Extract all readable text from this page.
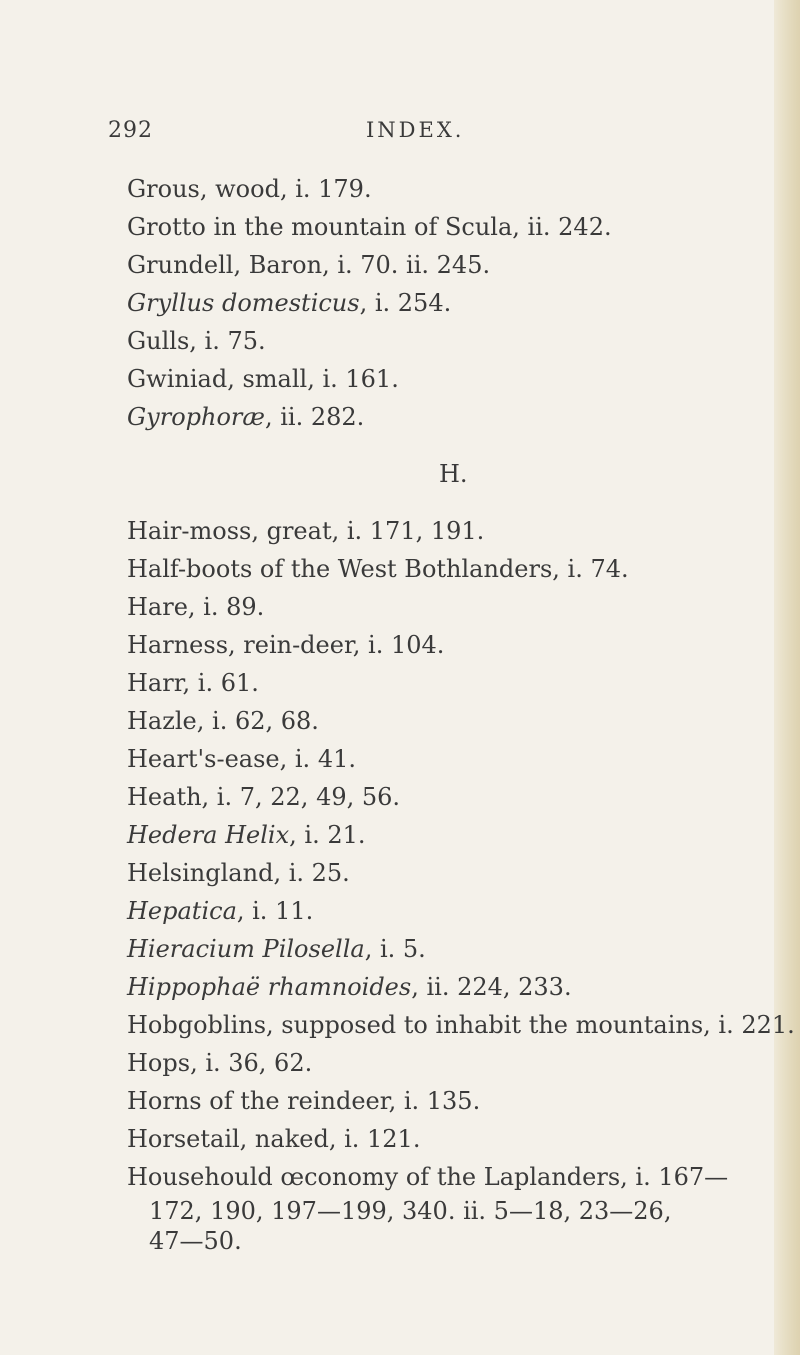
292	INDEX.
Grous, wood, i. 179.
Grotto in the mountain of Scula, ii. 242.
Grundell, Baron, i. 70. ii. 245.
Gryllus domesticus, i. 254.
Gulls, i. 75.
Gwiniad, small, i. 161.
Gyrophoræ, ii. 282.
H.
Hair-moss, great, i. 171, 191.
Half-boots of the West Bothlanders, i. 74.
Hare, i. 89.
Harness, rein-deer, i. 104.
Harr, i. 61.
Hazle, i. 62, 68.
Heart's-ease, i. 41.
Heath, i. 7, 22, 49, 56.
Hedera Helix, i. 21.
Helsingland, i. 25.
Hepatica, i. 11.
Hieracium Pilosella, i. 5.
Hippophaë rhamnoides, ii. 224, 233.
Hobgoblins, supposed to inhabit the mountains, i. 221.
Hops, i. 36, 62.
Horns of the reindeer, i. 135.
Horsetail, naked, i. 121.
Househould œconomy of the Laplanders, i. 167—
172, 190, 197—199, 340. ii. 5—18, 23—26,
47—50.
